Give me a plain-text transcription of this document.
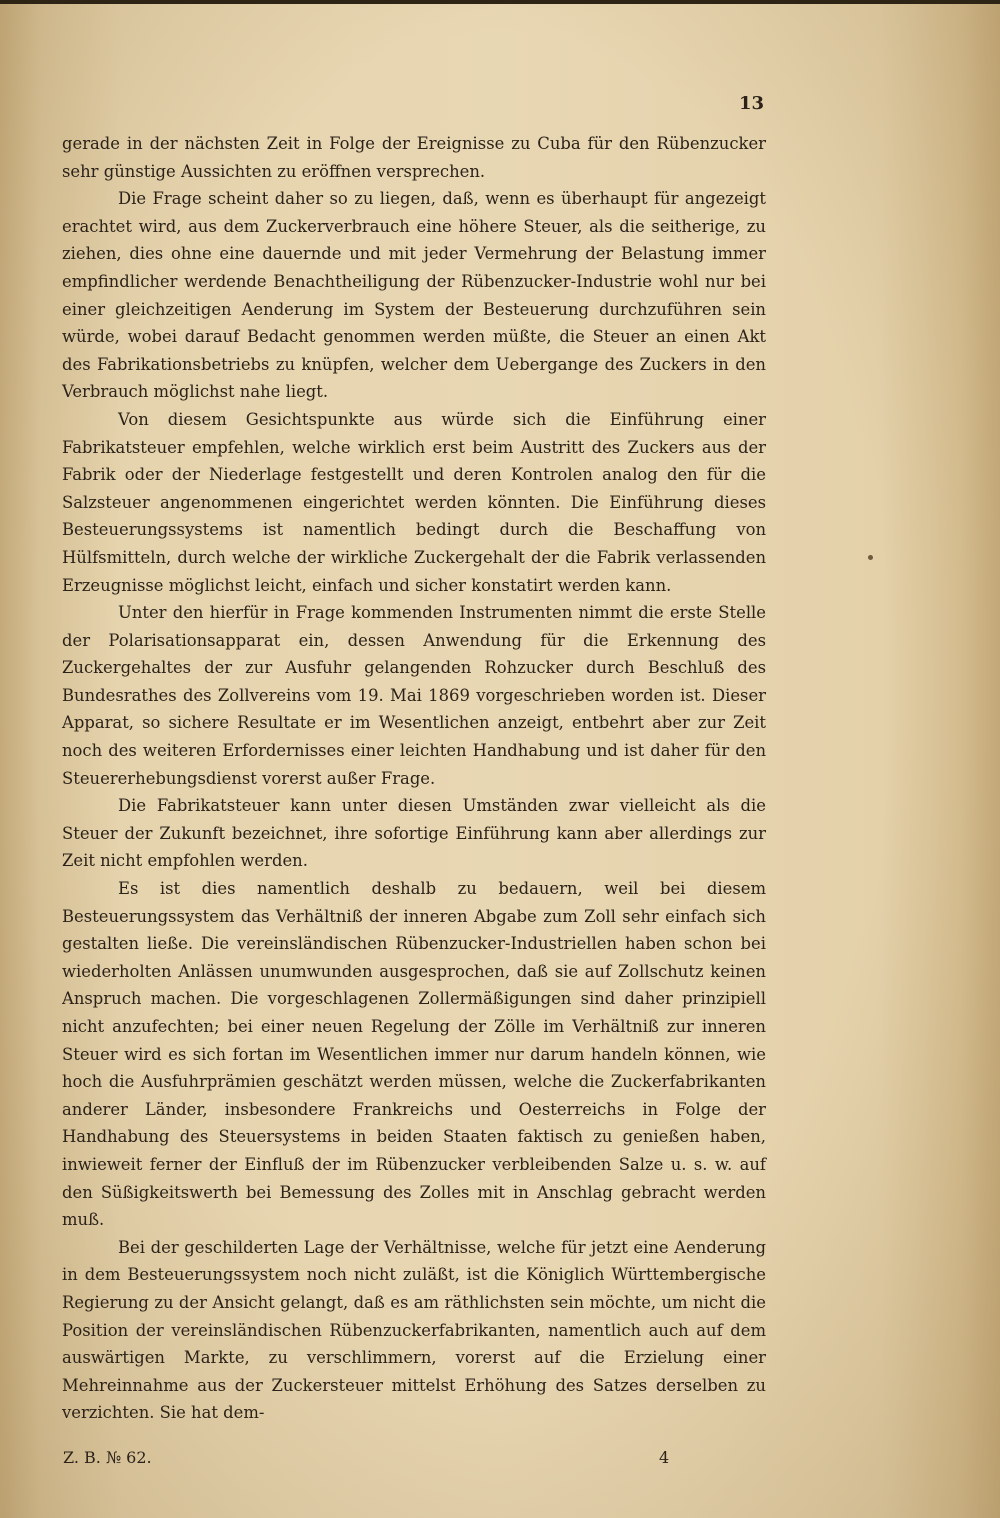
13

gerade in der nächsten Zeit in Folge der Ereignisse zu Cuba für den Rübenzucker sehr günstige Aussichten zu eröffnen versprechen.

Die Frage scheint daher so zu liegen, daß, wenn es überhaupt für angezeigt erachtet wird, aus dem Zuckerverbrauch eine höhere Steuer, als die seitherige, zu ziehen, dies ohne eine dauernde und mit jeder Vermehrung der Belastung immer empfindlicher werdende Benachtheiligung der Rübenzucker-Industrie wohl nur bei einer gleichzeitigen Aenderung im System der Besteuerung durchzuführen sein würde, wobei darauf Bedacht genommen werden müßte, die Steuer an einen Akt des Fabrikationsbetriebs zu knüpfen, welcher dem Uebergange des Zuckers in den Verbrauch möglichst nahe liegt.

Von diesem Gesichtspunkte aus würde sich die Einführung einer Fabrikatsteuer empfehlen, welche wirklich erst beim Austritt des Zuckers aus der Fabrik oder der Niederlage festgestellt und deren Kontrolen analog den für die Salzsteuer angenommenen eingerichtet werden könnten. Die Einführung dieses Besteuerungssystems ist namentlich bedingt durch die Beschaffung von Hülfsmitteln, durch welche der wirkliche Zuckergehalt der die Fabrik verlassenden Erzeugnisse möglichst leicht, einfach und sicher konstatirt werden kann.

Unter den hierfür in Frage kommenden Instrumenten nimmt die erste Stelle der Polarisationsapparat ein, dessen Anwendung für die Erkennung des Zuckergehaltes der zur Ausfuhr gelangenden Rohzucker durch Beschluß des Bundesrathes des Zollvereins vom 19. Mai 1869 vorgeschrieben worden ist. Dieser Apparat, so sichere Resultate er im Wesentlichen anzeigt, entbehrt aber zur Zeit noch des weiteren Erfordernisses einer leichten Handhabung und ist daher für den Steuererhebungsdienst vorerst außer Frage.

Die Fabrikatsteuer kann unter diesen Umständen zwar vielleicht als die Steuer der Zukunft bezeichnet, ihre sofortige Einführung kann aber allerdings zur Zeit nicht empfohlen werden.

Es ist dies namentlich deshalb zu bedauern, weil bei diesem Besteuerungssystem das Verhältniß der inneren Abgabe zum Zoll sehr einfach sich gestalten ließe. Die vereinsländischen Rübenzucker-Industriellen haben schon bei wiederholten Anlässen unumwunden ausgesprochen, daß sie auf Zollschutz keinen Anspruch machen. Die vorgeschlagenen Zollermäßigungen sind daher prinzipiell nicht anzufechten; bei einer neuen Regelung der Zölle im Verhältniß zur inneren Steuer wird es sich fortan im Wesentlichen immer nur darum handeln können, wie hoch die Ausfuhrprämien geschätzt werden müssen, welche die Zuckerfabrikanten anderer Länder, insbesondere Frankreichs und Oesterreichs in Folge der Handhabung des Steuersystems in beiden Staaten faktisch zu genießen haben, inwieweit ferner der Einfluß der im Rübenzucker verbleibenden Salze u. s. w. auf den Süßigkeitswerth bei Bemessung des Zolles mit in Anschlag gebracht werden muß.

Bei der geschilderten Lage der Verhältnisse, welche für jetzt eine Aenderung in dem Besteuerungssystem noch nicht zuläßt, ist die Königlich Württembergische Regierung zu der Ansicht gelangt, daß es am räthlichsten sein möchte, um nicht die Position der vereinsländischen Rübenzuckerfabrikanten, namentlich auch auf dem auswärtigen Markte, zu verschlimmern, vorerst auf die Erzielung einer Mehreinnahme aus der Zuckersteuer mittelst Erhöhung des Satzes derselben zu verzichten. Sie hat dem-

Z. B. № 62.	4
